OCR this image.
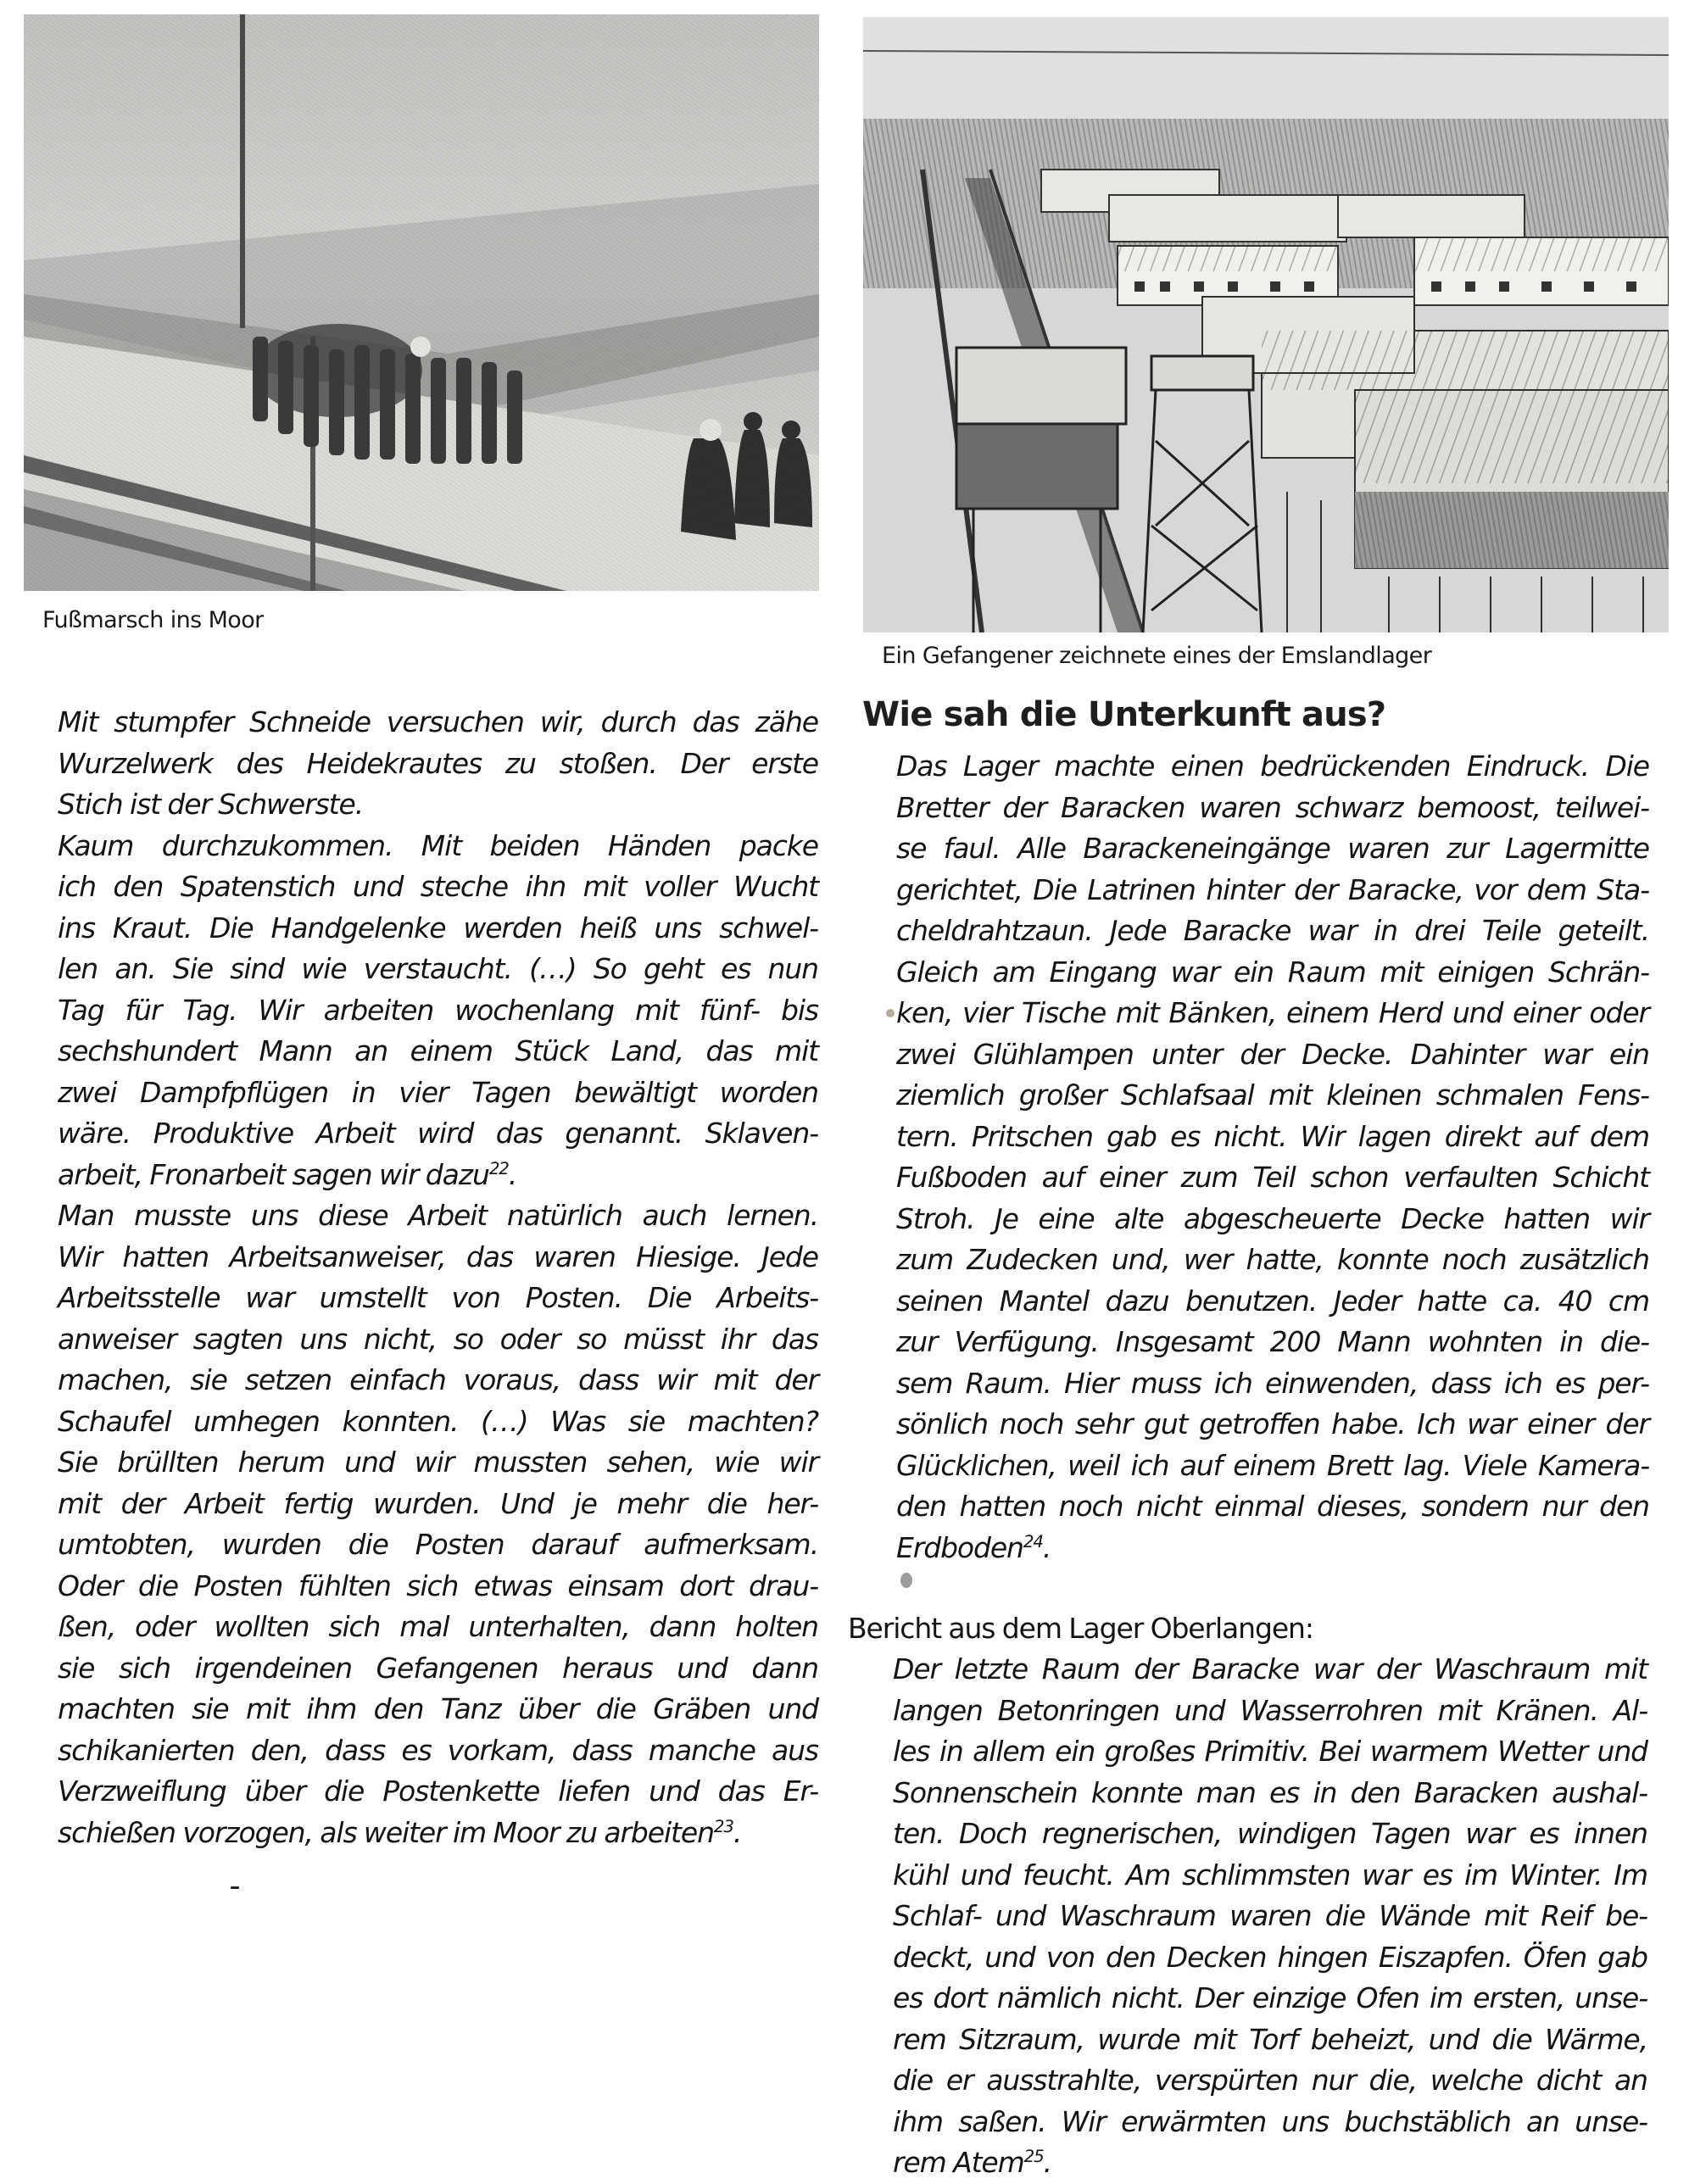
Fußmarsch ins Moor
Ein Gefangener zeichnete eines der Emslandlager
Mit stumpfer Schneide versuchen wir, durch das zähe
Wurzelwerk des Heidekrautes zu stoßen. Der erste
Stich ist der Schwerste.
Kaum durchzukommen. Mit beiden Händen packe
ich den Spatenstich und steche ihn mit voller Wucht
ins Kraut. Die Handgelenke werden heiß uns schwel-
len an. Sie sind wie verstaucht. (…) So geht es nun
Tag für Tag. Wir arbeiten wochenlang mit fünf- bis
sechshundert Mann an einem Stück Land, das mit
zwei Dampfpflügen in vier Tagen bewältigt worden
wäre. Produktive Arbeit wird das genannt. Sklaven-
arbeit, Fronarbeit sagen wir dazu$^{22}$.
Man musste uns diese Arbeit natürlich auch lernen.
Wir hatten Arbeitsanweiser, das waren Hiesige. Jede
Arbeitsstelle war umstellt von Posten. Die Arbeits-
anweiser sagten uns nicht, so oder so müsst ihr das
machen, sie setzen einfach voraus, dass wir mit der
Schaufel umhegen konnten. (…) Was sie machten?
Sie brüllten herum und wir mussten sehen, wie wir
mit der Arbeit fertig wurden. Und je mehr die her-
umtobten, wurden die Posten darauf aufmerksam.
Oder die Posten fühlten sich etwas einsam dort drau-
ßen, oder wollten sich mal unterhalten, dann holten
sie sich irgendeinen Gefangenen heraus und dann
machten sie mit ihm den Tanz über die Gräben und
schikanierten den, dass es vorkam, dass manche aus
Verzweiflung über die Postenkette liefen und das Er-
schießen vorzogen, als weiter im Moor zu arbeiten$^{23}$.
Wie sah die Unterkunft aus?
Das Lager machte einen bedrückenden Eindruck. Die
Bretter der Baracken waren schwarz bemoost, teilwei-
se faul. Alle Barackeneingänge waren zur Lagermitte
gerichtet, Die Latrinen hinter der Baracke, vor dem Sta-
cheldrahtzaun. Jede Baracke war in drei Teile geteilt.
Gleich am Eingang war ein Raum mit einigen Schrän-
ken, vier Tische mit Bänken, einem Herd und einer oder
zwei Glühlampen unter der Decke. Dahinter war ein
ziemlich großer Schlafsaal mit kleinen schmalen Fens-
tern. Pritschen gab es nicht. Wir lagen direkt auf dem
Fußboden auf einer zum Teil schon verfaulten Schicht
Stroh. Je eine alte abgescheuerte Decke hatten wir
zum Zudecken und, wer hatte, konnte noch zusätzlich
seinen Mantel dazu benutzen. Jeder hatte ca. 40 cm
zur Verfügung. Insgesamt 200 Mann wohnten in die-
sem Raum. Hier muss ich einwenden, dass ich es per-
sönlich noch sehr gut getroffen habe. Ich war einer der
Glücklichen, weil ich auf einem Brett lag. Viele Kamera-
den hatten noch nicht einmal dieses, sondern nur den
Erdboden$^{24}$.
Bericht aus dem Lager Oberlangen:
Der letzte Raum der Baracke war der Waschraum mit
langen Betonringen und Wasserrohren mit Kränen. Al-
les in allem ein großes Primitiv. Bei warmem Wetter und
Sonnenschein konnte man es in den Baracken aushal-
ten. Doch regnerischen, windigen Tagen war es innen
kühl und feucht. Am schlimmsten war es im Winter. Im
Schlaf- und Waschraum waren die Wände mit Reif be-
deckt, und von den Decken hingen Eiszapfen. Öfen gab
es dort nämlich nicht. Der einzige Ofen im ersten, unse-
rem Sitzraum, wurde mit Torf beheizt, und die Wärme,
die er ausstrahlte, verspürten nur die, welche dicht an
ihm saßen. Wir erwärmten uns buchstäblich an unse-
rem Atem$^{25}$.
